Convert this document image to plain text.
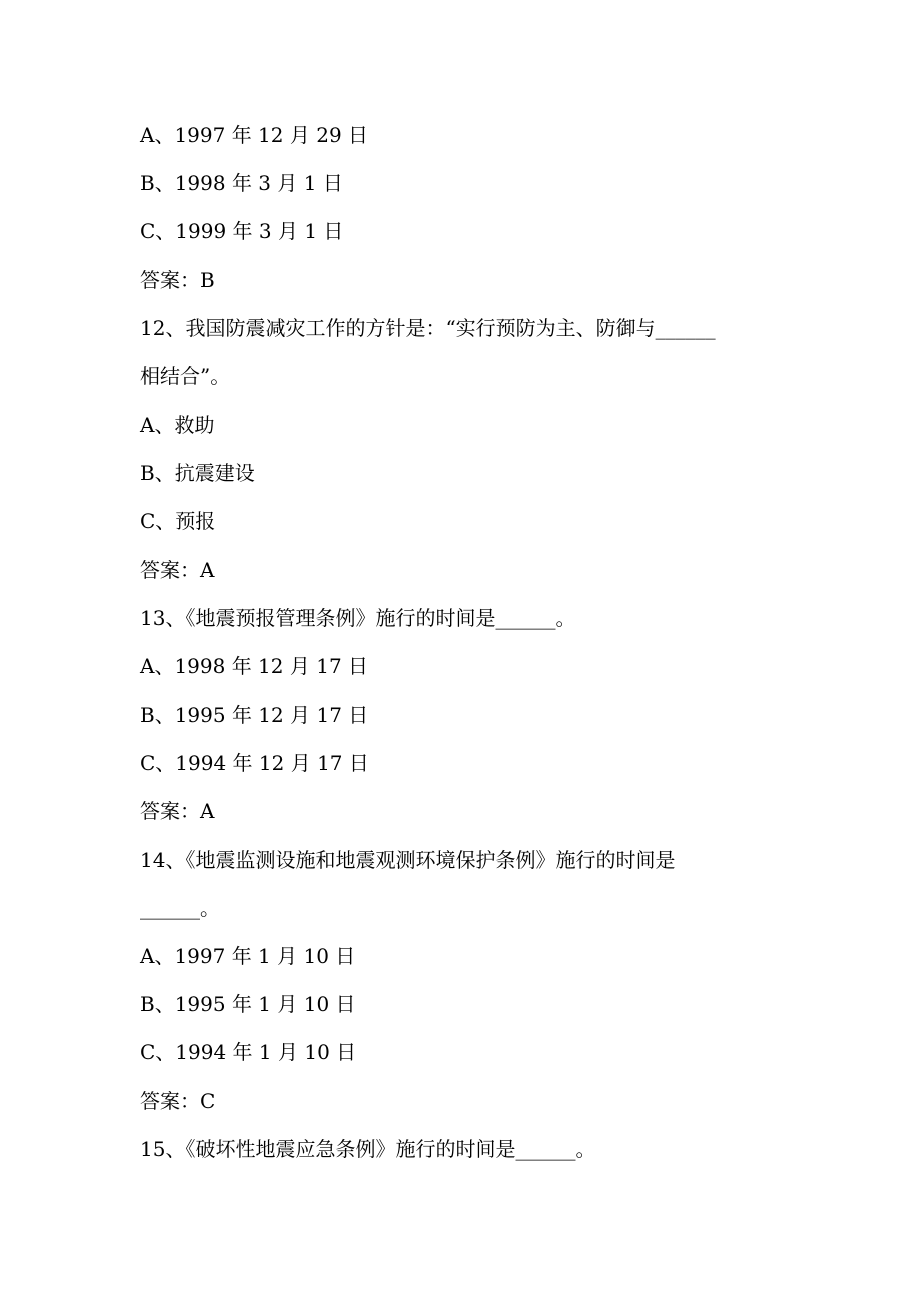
A、1997 年 12 月 29 日
B、1998 年 3 月 1 日
C、1999 年 3 月 1 日
答案：B
12、我国防震减灾工作的方针是：“实行预防为主、防御与______
相结合”。
A、救助
B、抗震建设
C、预报
答案：A
13、《地震预报管理条例》施行的时间是______。
A、1998 年 12 月 17 日
B、1995 年 12 月 17 日
C、1994 年 12 月 17 日
答案：A
14、《地震监测设施和地震观测环境保护条例》施行的时间是
______。
A、1997 年 1 月 10 日
B、1995 年 1 月 10 日
C、1994 年 1 月 10 日
答案：C
15、《破坏性地震应急条例》施行的时间是______。
